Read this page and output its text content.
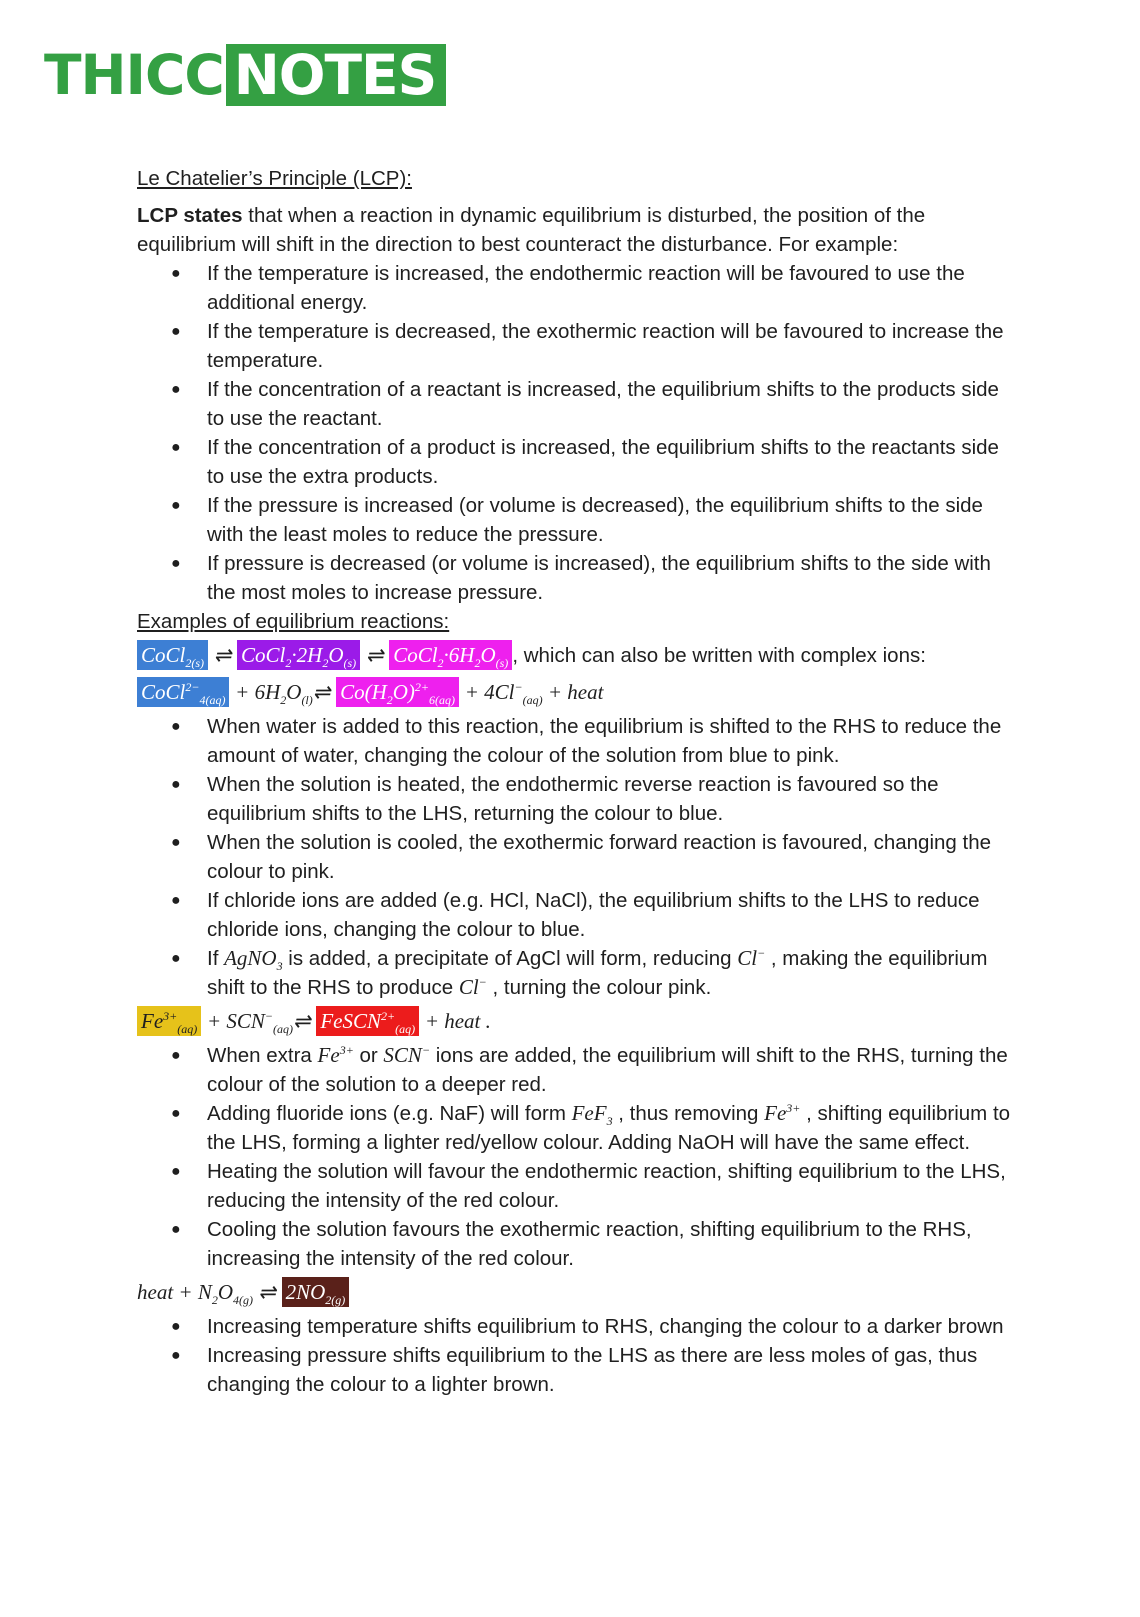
THICC NOTES

Le Chatelier’s Principle (LCP):

LCP states that when a reaction in dynamic equilibrium is disturbed, the position of the equilibrium will shift in the direction to best counteract the disturbance. For example:

● If the temperature is increased, the endothermic reaction will be favoured to use the additional energy.
● If the temperature is decreased, the exothermic reaction will be favoured to increase the temperature.
● If the concentration of a reactant is increased, the equilibrium shifts to the products side to use the reactant.
● If the concentration of a product is increased, the equilibrium shifts to the reactants side to use the extra products.
● If the pressure is increased (or volume is decreased), the equilibrium shifts to the side with the least moles to reduce the pressure.
● If pressure is decreased (or volume is increased), the equilibrium shifts to the side with the most moles to increase pressure.

Examples of equilibrium reactions:

CoCl$_{2(s)}$ ⇌ $CoCl_2\cdot 2H_2O_{(s)}$ ⇌ $CoCl_2\cdot 6H_2O_{(s)}$ , which can also be written with complex ions:
CoCl$^{2-}_{4(aq)}$ + $6H_2O_{(l)}\rightleftharpoons$ $Co(H_2O)^{2+}_{6(aq)} + 4Cl^-_{(aq)}$ + heat
● When water is added to this reaction, the equilibrium is shifted to the RHS to reduce the amount of water, changing the colour of the solution from blue to pink.
● When the solution is heated, the endothermic reverse reaction is favoured so the equilibrium shifts to the LHS, returning the colour to blue.
● When the solution is cooled, the exothermic forward reaction is favoured, changing the colour to pink.
● If chloride ions are added (e.g. HCl, NaCl), the equilibrium shifts to the LHS to reduce chloride ions, changing the colour to blue.
● If AgNO$_3$ is added, a precipitate of AgCl will form, reducing Cl− , making the equilibrium shift to the RHS to produce Cl− , turning the colour pink.
$Fe^{3+}_{(aq)}$ + $SCN^-_{(aq)}\rightleftharpoons$ FeSCN$^{2+}_{(aq)}$ + heat .
● When extra $Fe^{3+}$ or SCN− ions are added, the equilibrium will shift to the RHS, turning the colour of the solution to a deeper red.
● Adding fluoride ions (e.g. NaF) will form FeF$_3$ , thus removing $Fe^{3+}$ , shifting equilibrium to the LHS, forming a lighter red/yellow colour. Adding NaOH will have the same effect.
● Heating the solution will favour the endothermic reaction, shifting equilibrium to the LHS, reducing the intensity of the red colour.
● Cooling the solution favours the exothermic reaction, shifting equilibrium to the RHS, increasing the intensity of the red colour.
heat + $N_2O_{4(g)}$ ⇌ $2NO_{2(g)}$
● Increasing temperature shifts equilibrium to RHS, changing the colour to a darker brown
● Increasing pressure shifts equilibrium to the LHS as there are less moles of gas, thus changing the colour to a lighter brown.
